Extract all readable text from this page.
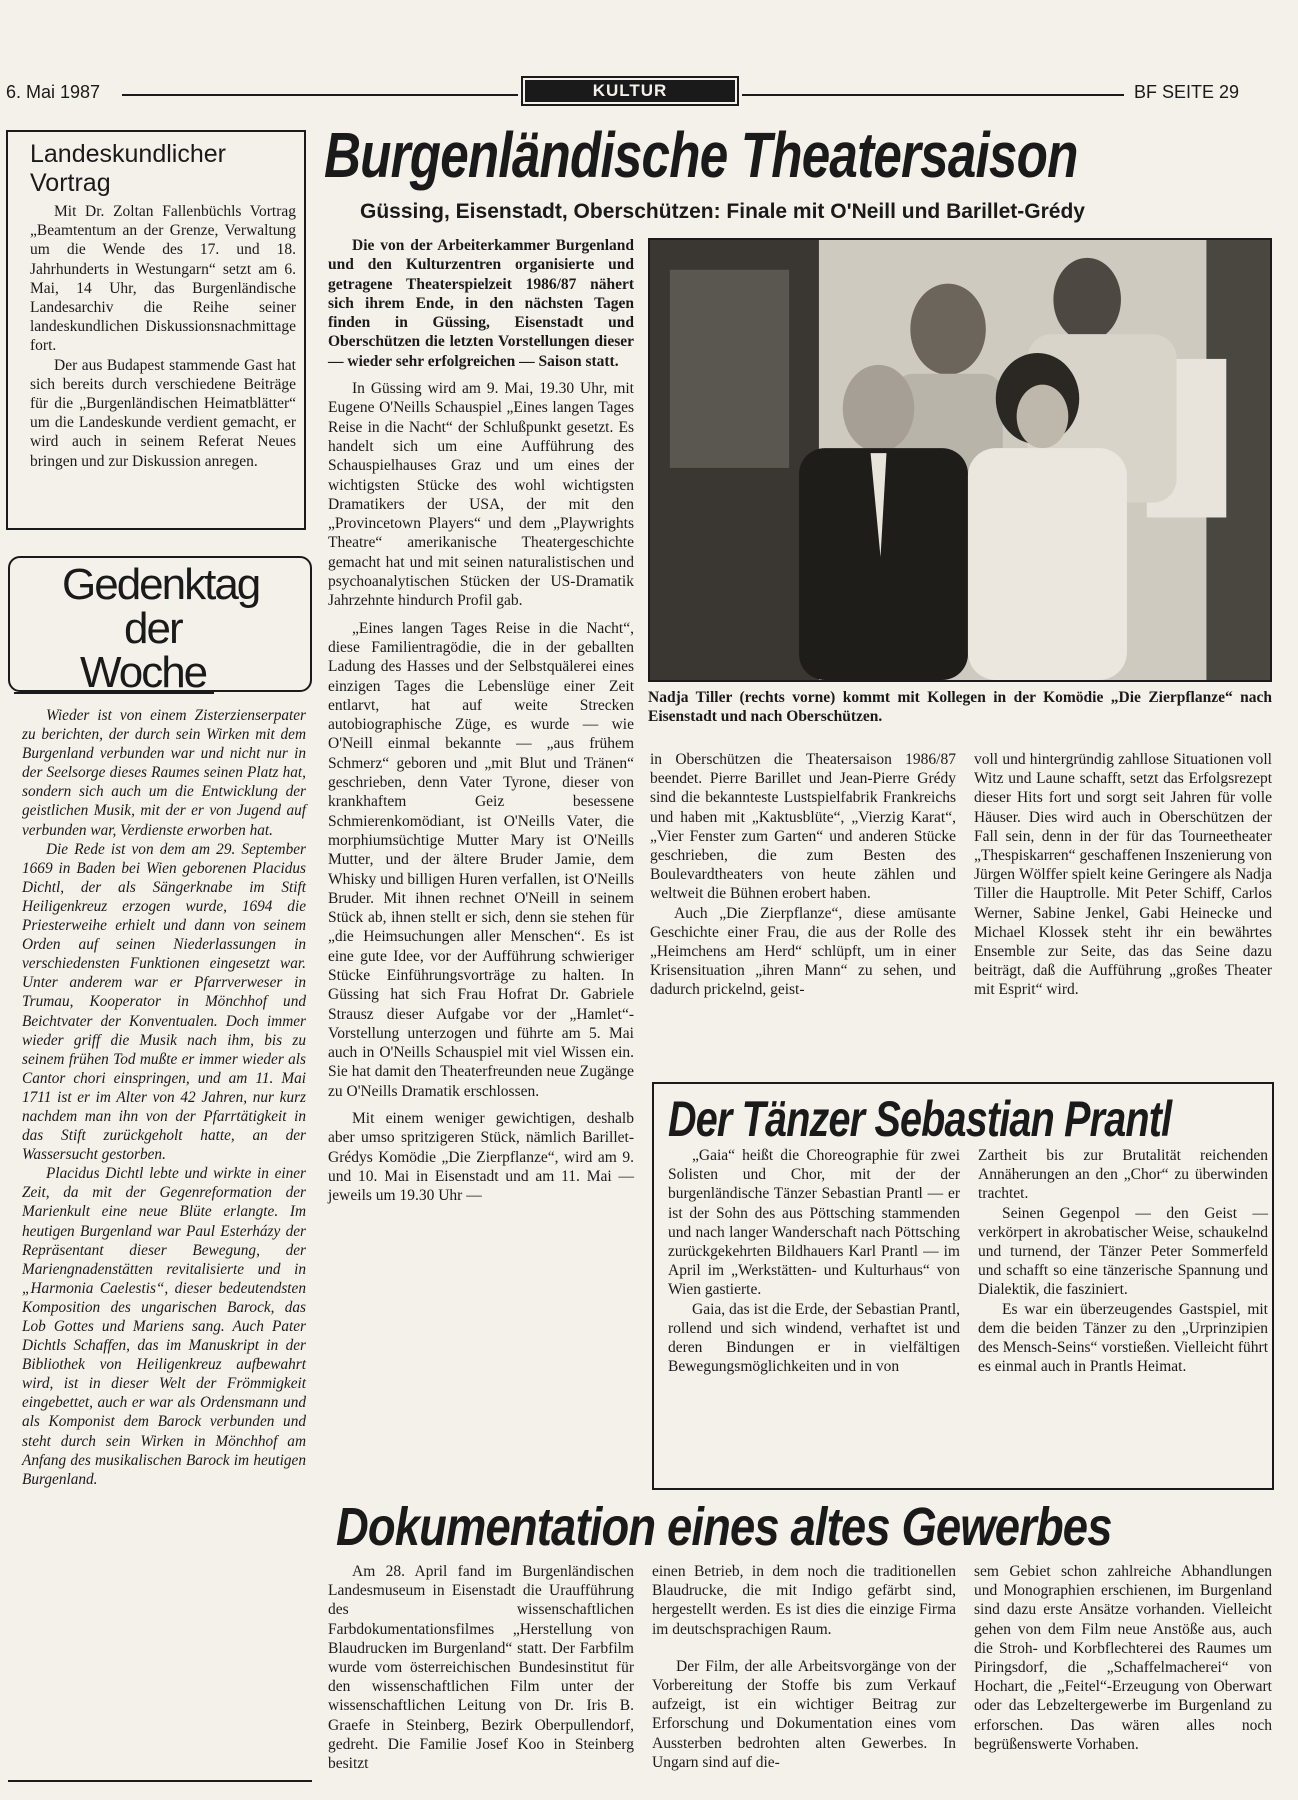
6. Mai 1987	KULTUR	BF SEITE 29
Landeskundlicher Vortrag

Mit Dr. Zoltan Fallenbüchls Vortrag „Beamtentum an der Grenze, Verwaltung um die Wende des 17. und 18. Jahrhunderts in Westungarn“ setzt am 6. Mai, 14 Uhr, das Burgenländische Landesarchiv die Reihe seiner landeskundlichen Diskussionsnachmittage fort.

Der aus Budapest stammende Gast hat sich bereits durch verschiedene Beiträge für die „Burgenländischen Heimatblätter“ um die Landeskunde verdient gemacht, er wird auch in seinem Referat Neues bringen und zur Diskussion anregen.

Gedenktag
der
Woche

Wieder ist von einem Zisterzienserpater zu berichten, der durch sein Wirken mit dem Burgenland verbunden war und nicht nur in der Seelsorge dieses Raumes seinen Platz hat, sondern sich auch um die Entwicklung der geistlichen Musik, mit der er von Jugend auf verbunden war, Verdienste erworben hat.

Die Rede ist von dem am 29. September 1669 in Baden bei Wien geborenen Placidus Dichtl, der als Sängerknabe im Stift Heiligenkreuz erzogen wurde, 1694 die Priesterweihe erhielt und dann von seinem Orden auf seinen Niederlassungen in verschiedensten Funktionen eingesetzt war. Unter anderem war er Pfarrverweser in Trumau, Kooperator in Mönchhof und Beichtvater der Konventualen. Doch immer wieder griff die Musik nach ihm, bis zu seinem frühen Tod mußte er immer wieder als Cantor chori einspringen, und am 11. Mai 1711 ist er im Alter von 42 Jahren, nur kurz nachdem man ihn von der Pfarrtätigkeit in das Stift zurückgeholt hatte, an der Wassersucht gestorben.

Placidus Dichtl lebte und wirkte in einer Zeit, da mit der Gegenreformation der Marienkult eine neue Blüte erlangte. Im heutigen Burgenland war Paul Esterházy der Repräsentant dieser Bewegung, der Mariengnadenstätten revitalisierte und in „Harmonia Caelestis“, dieser bedeutendsten Komposition des ungarischen Barock, das Lob Gottes und Mariens sang. Auch Pater Dichtls Schaffen, das im Manuskript in der Bibliothek von Heiligenkreuz aufbewahrt wird, ist in dieser Welt der Frömmigkeit eingebettet, auch er war als Ordensmann und als Komponist dem Barock verbunden und steht durch sein Wirken in Mönchhof am Anfang des musikalischen Barock im heutigen Burgenland.

Burgenländische Theatersaison
Güssing, Eisenstadt, Oberschützen: Finale mit O'Neill und Barillet-Grédy

Die von der Arbeiterkammer Burgenland und den Kulturzentren organisierte und getragene Theaterspielzeit 1986/87 nähert sich ihrem Ende, in den nächsten Tagen finden in Güssing, Eisenstadt und Oberschützen die letzten Vorstellungen dieser — wieder sehr erfolgreichen — Saison statt.

In Güssing wird am 9. Mai, 19.30 Uhr, mit Eugene O'Neills Schauspiel „Eines langen Tages Reise in die Nacht“ der Schlußpunkt gesetzt. Es handelt sich um eine Aufführung des Schauspielhauses Graz und um eines der wichtigsten Stücke des wohl wichtigsten Dramatikers der USA, der mit den „Provincetown Players“ und dem „Playwrights Theatre“ amerikanische Theatergeschichte gemacht hat und mit seinen naturalistischen und psychoanalytischen Stücken der US-Dramatik Jahrzehnte hindurch Profil gab.

„Eines langen Tages Reise in die Nacht“, diese Familientragödie, die in der geballten Ladung des Hasses und der Selbstquälerei eines einzigen Tages die Lebenslüge einer Zeit entlarvt, hat auf weite Strecken autobiographische Züge, es wurde — wie O'Neill einmal bekannte — „aus frühem Schmerz“ geboren und „mit Blut und Tränen“ geschrieben, denn Vater Tyrone, dieser von krankhaftem Geiz besessene Schmierenkomödiant, ist O'Neills Vater, die morphiumsüchtige Mutter Mary ist O'Neills Mutter, und der ältere Bruder Jamie, dem Whisky und billigen Huren verfallen, ist O'Neills Bruder. Mit ihnen rechnet O'Neill in seinem Stück ab, ihnen stellt er sich, denn sie stehen für „die Heimsuchungen aller Menschen“. Es ist eine gute Idee, vor der Aufführung schwieriger Stücke Einführungsvorträge zu halten. In Güssing hat sich Frau Hofrat Dr. Gabriele Strausz dieser Aufgabe vor der „Hamlet“-Vorstellung unterzogen und führte am 5. Mai auch in O'Neills Schauspiel mit viel Wissen ein. Sie hat damit den Theaterfreunden neue Zugänge zu O'Neills Dramatik erschlossen.

Mit einem weniger gewichtigen, deshalb aber umso spritzigeren Stück, nämlich Barillet-Grédys Komödie „Die Zierpflanze“, wird am 9. und 10. Mai in Eisenstadt und am 11. Mai — jeweils um 19.30 Uhr —

Nadja Tiller (rechts vorne) kommt mit Kollegen in der Komödie „Die Zierpflanze“ nach Eisenstadt und nach Oberschützen.

in Oberschützen die Theatersaison 1986/87 beendet. Pierre Barillet und Jean-Pierre Grédy sind die bekannteste Lustspielfabrik Frankreichs und haben mit „Kaktusblüte“, „Vierzig Karat“, „Vier Fenster zum Garten“ und anderen Stücke geschrieben, die zum Besten des Boulevardtheaters von heute zählen und weltweit die Bühnen erobert haben.

Auch „Die Zierpflanze“, diese amüsante Geschichte einer Frau, die aus der Rolle des „Heimchens am Herd“ schlüpft, um in einer Krisensituation „ihren Mann“ zu sehen, und dadurch prickelnd, geist-

voll und hintergründig zahllose Situationen voll Witz und Laune schafft, setzt das Erfolgsrezept dieser Hits fort und sorgt seit Jahren für volle Häuser. Dies wird auch in Oberschützen der Fall sein, denn in der für das Tourneetheater „Thespiskarren“ geschaffenen Inszenierung von Jürgen Wölffer spielt keine Geringere als Nadja Tiller die Hauptrolle. Mit Peter Schiff, Carlos Werner, Sabine Jenkel, Gabi Heinecke und Michael Klossek steht ihr ein bewährtes Ensemble zur Seite, das das Seine dazu beiträgt, daß die Aufführung „großes Theater mit Esprit“ wird.

Der Tänzer Sebastian Prantl

„Gaia“ heißt die Choreographie für zwei Solisten und Chor, mit der der burgenländische Tänzer Sebastian Prantl — er ist der Sohn des aus Pöttsching stammenden und nach langer Wanderschaft nach Pöttsching zurückgekehrten Bildhauers Karl Prantl — im April im „Werkstätten- und Kulturhaus“ von Wien gastierte.

Gaia, das ist die Erde, der Sebastian Prantl, rollend und sich windend, verhaftet ist und deren Bindungen er in vielfältigen Bewegungsmöglichkeiten und in von

Zartheit bis zur Brutalität reichenden Annäherungen an den „Chor“ zu überwinden trachtet.

Seinen Gegenpol — den Geist — verkörpert in akrobatischer Weise, schaukelnd und turnend, der Tänzer Peter Sommerfeld und schafft so eine tänzerische Spannung und Dialektik, die fasziniert.

Es war ein überzeugendes Gastspiel, mit dem die beiden Tänzer zu den „Urprinzipien des Mensch-Seins“ vorstießen. Vielleicht führt es einmal auch in Prantls Heimat.

Dokumentation eines altes Gewerbes

Am 28. April fand im Burgenländischen Landesmuseum in Eisenstadt die Uraufführung des wissenschaftlichen Farbdokumentationsfilmes „Herstellung von Blaudrucken im Burgenland“ statt. Der Farbfilm wurde vom österreichischen Bundesinstitut für den wissenschaftlichen Film unter der wissenschaftlichen Leitung von Dr. Iris B. Graefe in Steinberg, Bezirk Oberpullendorf, gedreht. Die Familie Josef Koo in Steinberg besitzt

einen Betrieb, in dem noch die traditionellen Blaudrucke, die mit Indigo gefärbt sind, hergestellt werden. Es ist dies die einzige Firma im deutschsprachigen Raum.

Der Film, der alle Arbeitsvorgänge von der Vorbereitung der Stoffe bis zum Verkauf aufzeigt, ist ein wichtiger Beitrag zur Erforschung und Dokumentation eines vom Aussterben bedrohten alten Gewerbes. In Ungarn sind auf die-

sem Gebiet schon zahlreiche Abhandlungen und Monographien erschienen, im Burgenland sind dazu erste Ansätze vorhanden. Vielleicht gehen von dem Film neue Anstöße aus, auch die Stroh- und Korbflechterei des Raumes um Piringsdorf, die „Schaffelmacherei“ von Hochart, die „Feitel“-Erzeugung von Oberwart oder das Lebzeltergewerbe im Burgenland zu erforschen. Das wären alles noch begrüßenswerte Vorhaben.
